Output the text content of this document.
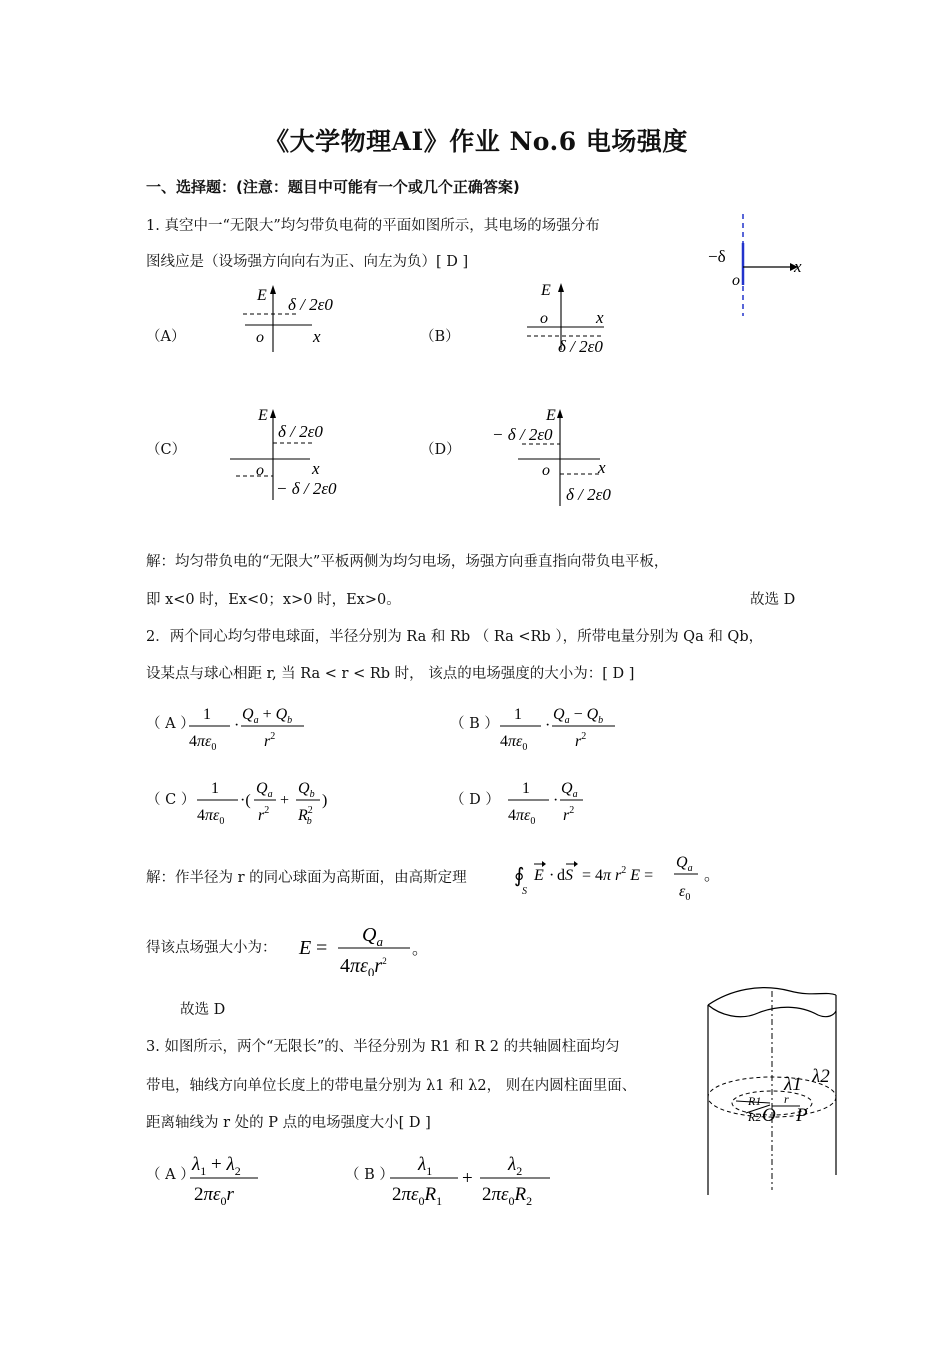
《大学物理AI》作业 No.6 电场强度
一、选择题：(注意：题目中可能有一个或几个正确答案)
1. 真空中一“无限大”均匀带负电荷的平面如图所示，其电场的场强分布
图线应是（设场强方向向右为正、向左为负）[ D ]	−δ
o
x
（A）
E
o	x
δ / 2ε0
（B）
E
o	x
δ / 2ε0
（C）
E
o	x
δ / 2ε0
− δ / 2ε0
（D）
E
o	x
− δ / 2ε0
δ / 2ε0
解：均匀带负电的“无限大”平板两侧为均匀电场，场强方向垂直指向带负电平板，
即 x<0 时，Ex<0；x>0 时，Ex>0。	故选 D
2．两个同心均匀带电球面，半径分别为 Ra 和 Rb （ Ra <Rb ），所带电量分别为 Qa 和 Qb，
设某点与球心相距 r, 当 Ra < r < Rb 时， 该点的电场强度的大小为：[ D ]
（ A ）
1
$4\pi\varepsilon_0$
·
$Q_a + Q_b$
$r^2$
（ B ）
1
$4\pi\varepsilon_0$
·
$Q_a - Q_b$
$r^2$
（ C ）
1
$4\pi\varepsilon_0$
·(
$Q_a$
$r^2$
+
$Q_b$
$R^2$ b
)	（ D ）
1
$4\pi\varepsilon_0$
·
$Q_a$
$r^2$
解：作半径为 r 的同心球面为高斯面，由高斯定理 ∮
S
E · dS = 4π $r^2$ E =
$Q_a$
$\varepsilon_0$
。
得该点场强大小为： E =
$Q_a$
$4\pi\varepsilon_0r^2$
。
故选 D
3. 如图所示，两个“无限长”的、半径分别为 R1 和 R 2 的共轴圆柱面均匀
带电，轴线方向单位长度上的带电量分别为 λ1 和 λ2， 则在内圆柱面里面、
距离轴线为 r 处的 P 点的电场强度大小[ D ]
（ A ）
$\lambda_1 + \lambda_2$
$2\pi\varepsilon_0r$
（ B ） $\lambda_1$
$2\pi\varepsilon_0R_1$
+
$\lambda_2$
$2\pi\varepsilon_0R_2$
λ1 λ2
R1
R2
r
O P
